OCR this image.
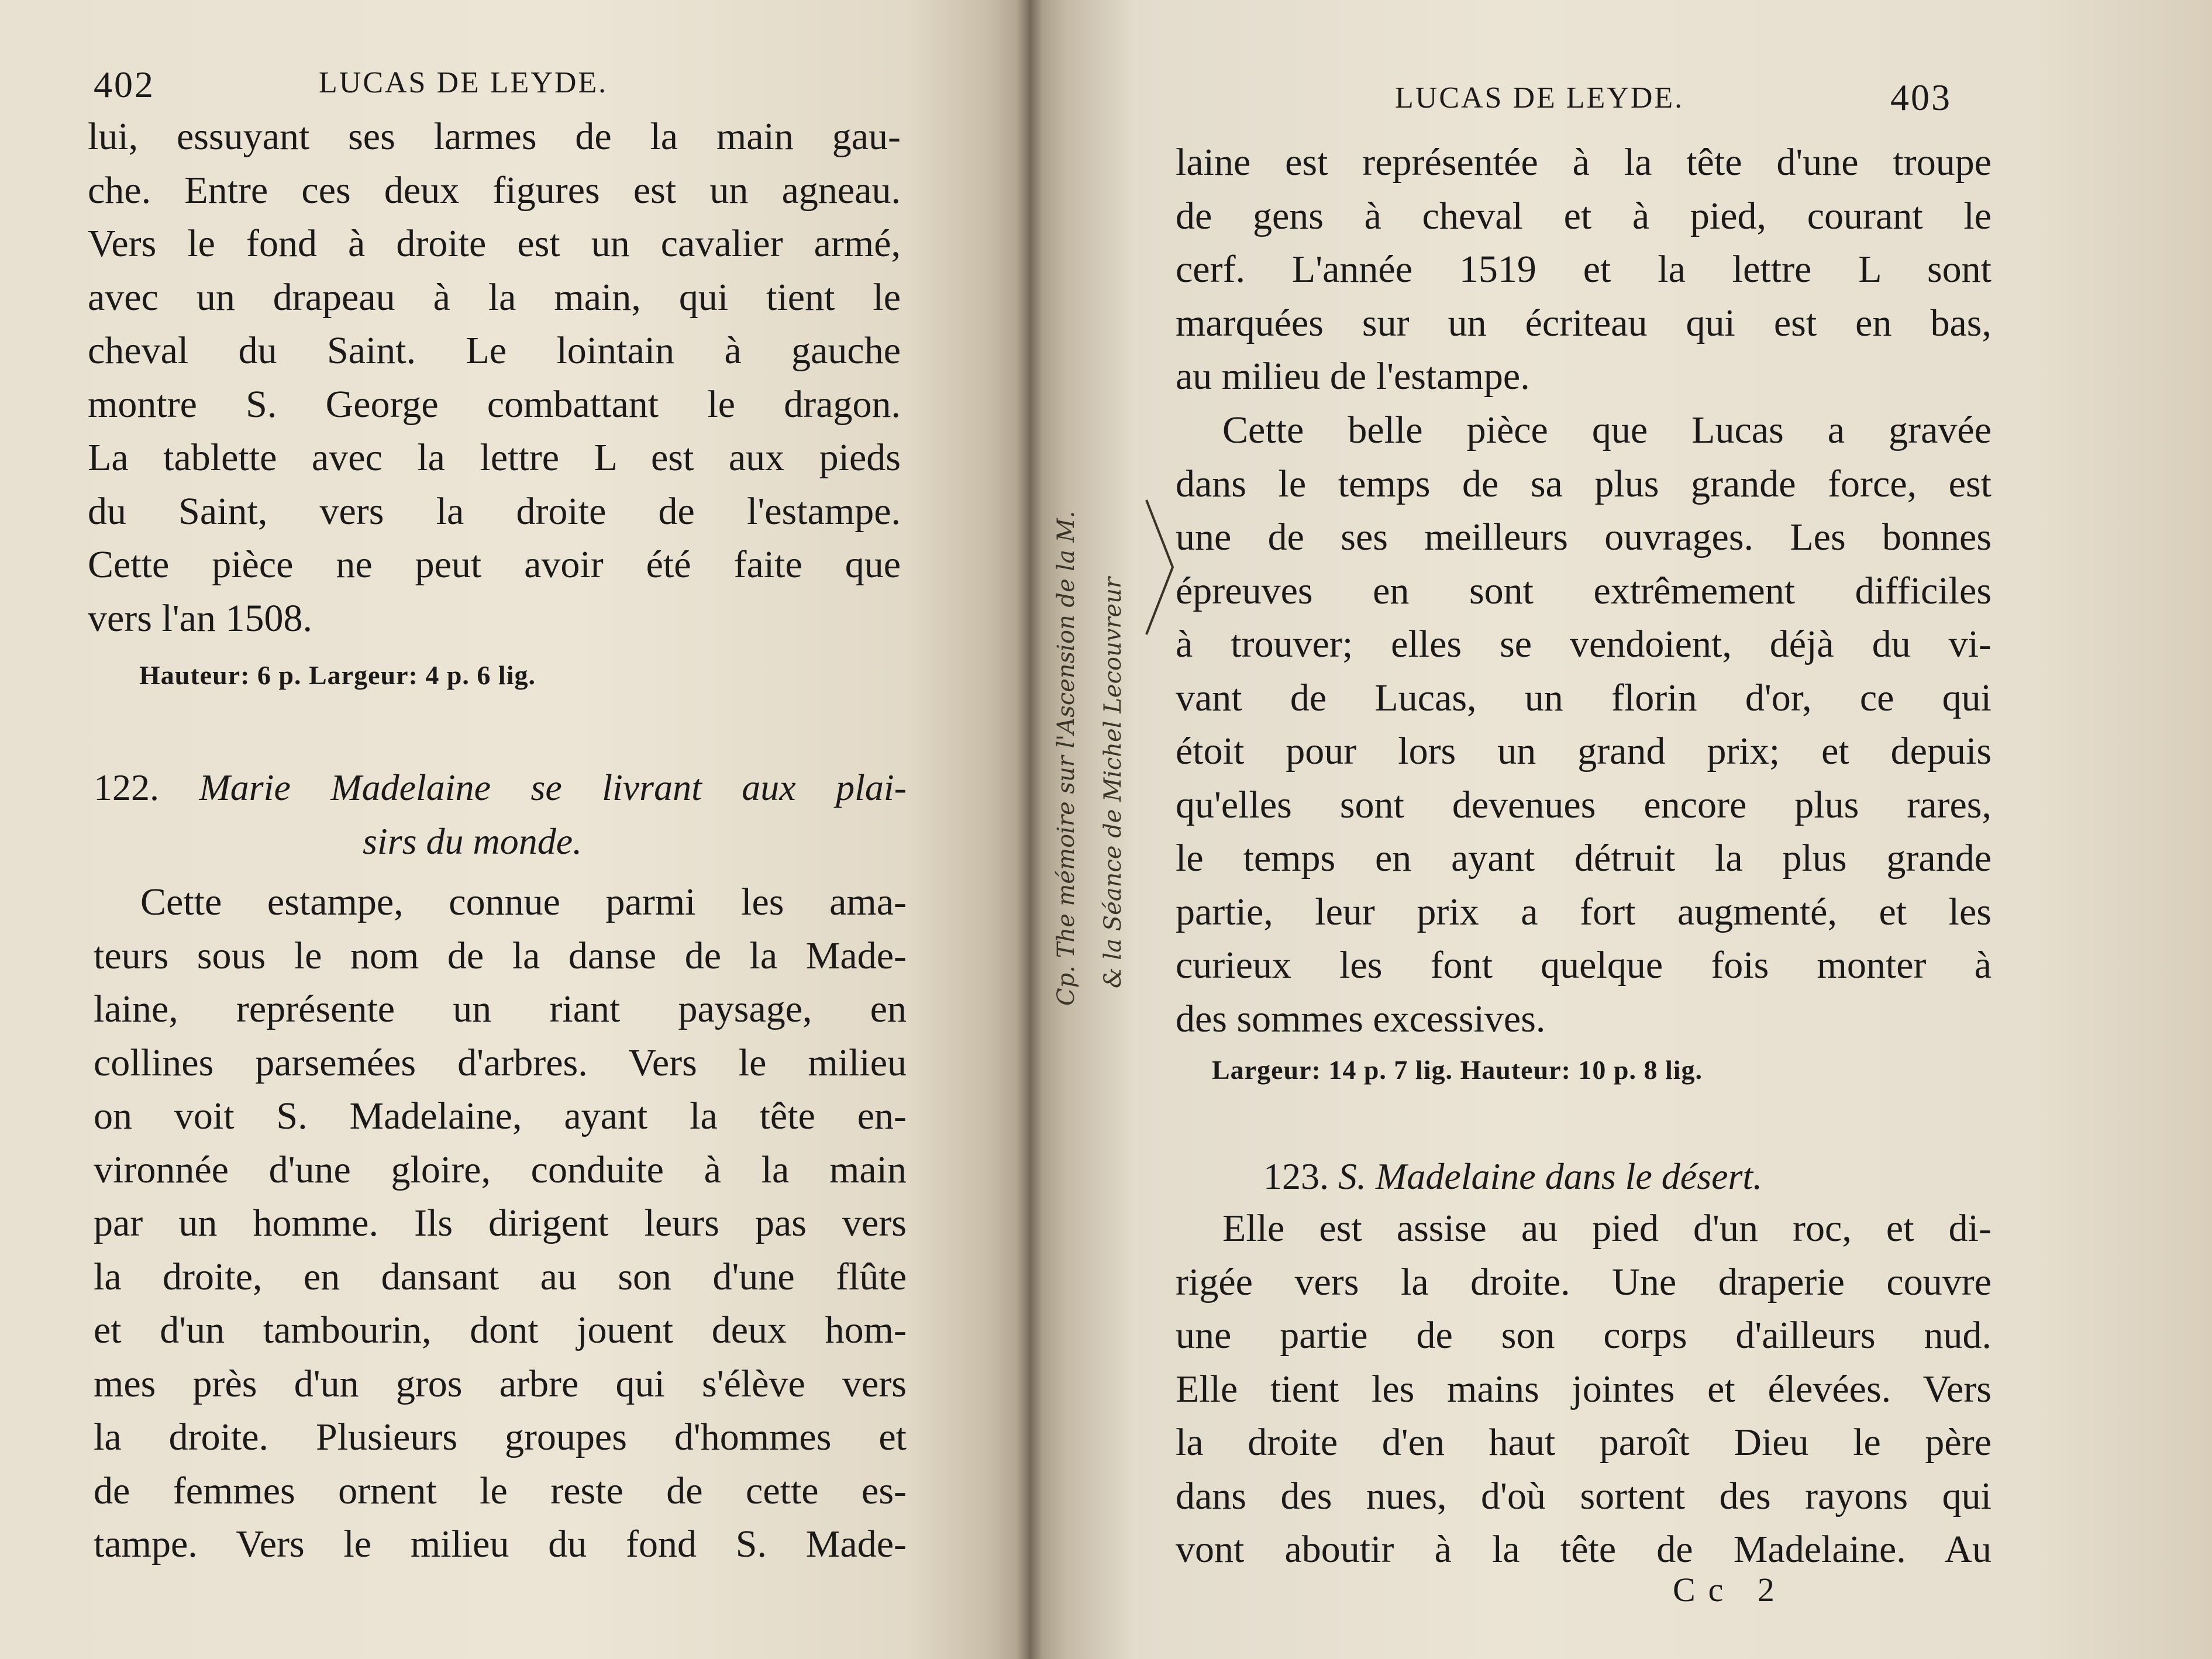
402	LUCAS DE LEYDE.
lui, essuyant ses larmes de la main gau-
che. Entre ces deux figures est un agneau.
Vers le fond à droite est un cavalier armé,
avec un drapeau à la main, qui tient le
cheval du Saint. Le lointain à gauche
montre S. George combattant le dragon.
La tablette avec la lettre L est aux pieds
du Saint, vers la droite de l'estampe.
Cette pièce ne peut avoir été faite que
vers l'an 1508.
Hauteur: 6 p. Largeur: 4 p. 6 lig.
122. Marie Madelaine se livrant aux plai-
sirs du monde.
Cette estampe, connue parmi les ama-
teurs sous le nom de la danse de la Made-
laine, représente un riant paysage, en
collines parsemées d'arbres. Vers le milieu
on voit S. Madelaine, ayant la tête en-
vironnée d'une gloire, conduite à la main
par un homme. Ils dirigent leurs pas vers
la droite, en dansant au son d'une flûte
et d'un tambourin, dont jouent deux hom-
mes près d'un gros arbre qui s'élève vers
la droite. Plusieurs groupes d'hommes et
de femmes ornent le reste de cette es-
tampe. Vers le milieu du fond S. Made-
Cp. The mémoire sur l'Ascension de la M. & la Séance de Michel Lecouvreur
LUCAS DE LEYDE.	403
laine est représentée à la tête d'une troupe
de gens à cheval et à pied, courant le
cerf. L'année 1519 et la lettre L sont
marquées sur un écriteau qui est en bas,
au milieu de l'estampe.
Cette belle pièce que Lucas a gravée
dans le temps de sa plus grande force, est
une de ses meilleurs ouvrages. Les bonnes
épreuves en sont extrêmement difficiles
à trouver; elles se vendoient, déjà du vi-
vant de Lucas, un florin d'or, ce qui
étoit pour lors un grand prix; et depuis
qu'elles sont devenues encore plus rares,
le temps en ayant détruit la plus grande
partie, leur prix a fort augmenté, et les
curieux les font quelque fois monter à
des sommes excessives.
Largeur: 14 p. 7 lig. Hauteur: 10 p. 8 lig.
123. S. Madelaine dans le désert.
Elle est assise au pied d'un roc, et di-
rigée vers la droite. Une draperie couvre
une partie de son corps d'ailleurs nud.
Elle tient les mains jointes et élevées. Vers
la droite d'en haut paroît Dieu le père
dans des nues, d'où sortent des rayons qui
vont aboutir à la tête de Madelaine. Au
Cc 2
